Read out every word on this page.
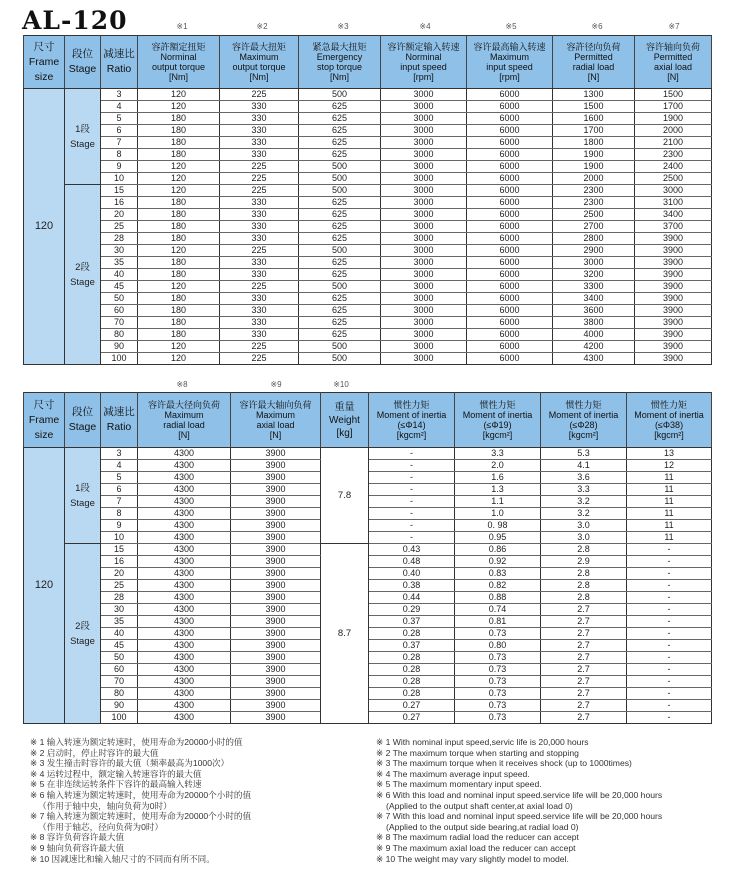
AL-120	※1	※2	※3	※4	※5	※6	※7
尺寸
Frame
size	段位
Stage	减速比
Ratio	容許額定扭矩
Norminal
output torque
[Nm]	容许最大扭矩
Maximum
output torque
[Nm]	紧急最大扭矩
Emergency
stop torque
[Nm]	容许额定输入转速
Norminal
input speed
[rpm]	容许最高输入转速
Maximum
input speed
[rpm]	容許径向负荷
Permitted
radial load
[N]	容许轴向负荷
Permitted
axial load
[N]
120	1段
Stage	3	120	225	500	3000	6000	1300	1500
		4	120	330	625	3000	6000	1500	1700
		5	180	330	625	3000	6000	1600	1900
		6	180	330	625	3000	6000	1700	2000
		7	180	330	625	3000	6000	1800	2100
		8	180	330	625	3000	6000	1900	2300
		9	120	225	500	3000	6000	1900	2400
		10	120	225	500	3000	6000	2000	2500
	2段
Stage	15	120	225	500	3000	6000	2300	3000
		16	180	330	625	3000	6000	2300	3100
		20	180	330	625	3000	6000	2500	3400
		25	180	330	625	3000	6000	2700	3700
		28	180	330	625	3000	6000	2800	3900
		30	120	225	500	3000	6000	2900	3900
		35	180	330	625	3000	6000	3000	3900
		40	180	330	625	3000	6000	3200	3900
		45	120	225	500	3000	6000	3300	3900
		50	180	330	625	3000	6000	3400	3900
		60	180	330	625	3000	6000	3600	3900
		70	180	330	625	3000	6000	3800	3900
		80	180	330	625	3000	6000	4000	3900
		90	120	225	500	3000	6000	4200	3900
		100	120	225	500	3000	6000	4300	3900
※8	※9	※10
尺寸
Frame
size	段位
Stage	减速比
Ratio	容许最大径向负荷
Maximum
radial load
[N]	容许最大轴向负荷
Maximum
axial load
[N]	重量
Weight
[kg]	惯性力矩
Moment of inertia
(≤Φ14)
[kgcm²]	惯性力矩
Moment of inertia
(≤Φ19)
[kgcm²]	惯性力矩
Moment of inertia
(≤Φ28)
[kgcm²]	惯性力矩
Moment of inertia
(≤Φ38)
[kgcm²]
120	1段
Stage	3	4300	3900	7.8	-	3.3	5.3	13
		4	4300	3900		-	2.0	4.1	12
		5	4300	3900		-	1.6	3.6	11
		6	4300	3900		-	1.3	3.3	11
		7	4300	3900		-	1.1	3.2	11
		8	4300	3900		-	1.0	3.2	11
		9	4300	3900		-	0. 98	3.0	11
		10	4300	3900		-	0.95	3.0	11
	2段
Stage	15	4300	3900	8.7	0.43	0.86	2.8	-
		16	4300	3900		0.48	0.92	2.9	-
		20	4300	3900		0.40	0.83	2.8	-
		25	4300	3900		0.38	0.82	2.8	-
		28	4300	3900		0.44	0.88	2.8	-
		30	4300	3900		0.29	0.74	2.7	-
		35	4300	3900		0.37	0.81	2.7	-
		40	4300	3900		0.28	0.73	2.7	-
		45	4300	3900		0.37	0.80	2.7	-
		50	4300	3900		0.28	0.73	2.7	-
		60	4300	3900		0.28	0.73	2.7	-
		70	4300	3900		0.28	0.73	2.7	-
		80	4300	3900		0.28	0.73	2.7	-
		90	4300	3900		0.27	0.73	2.7	-
		100	4300	3900		0.27	0.73	2.7	-
※ 1 输入转速为额定转速时，使用寿命为20000小时的值
※ 2 启动时，停止时容许的最大值
※ 3 发生撞击时容许的最大值（频率最高为1000次）
※ 4 运转过程中，额定输入转速容许的最大值
※ 5 在非连续运转条件下容许的最高输入转速
※ 6 输入转速为额定转速时，使用寿命为20000个小时的值
（作用于轴中央，轴向负荷为0时）
※ 7 输入转速为额定转速时，使用寿命为20000个小时的值
（作用于轴芯，径向负荷为0时）
※ 8 容许负荷容许最大值
※ 9 轴向负荷容许最大值
※ 10 因减速比和输入轴尺寸的不同而有所不同。
※ 1 With nominal input speed,servic life is 20,000 hours
※ 2 The maximum torque when starting and stopping
※ 3 The maximum torque when it receives shock (up to 1000times)
※ 4 The maximum average input speed.
※ 5 The maximum momentary input speed.
※ 6 With this load and nominal input speed.service life will be 20,000 hours
(Applied to the output shaft center,at axial load 0)
※ 7 With this load and nominal input speed.service life will be 20,000 hours
(Applied to the output side bearing,at radial load 0)
※ 8 The maximum radial load the reducer can accept
※ 9 The maximum axial load the reducer can accept
※ 10 The weight may vary slightly model to model.
